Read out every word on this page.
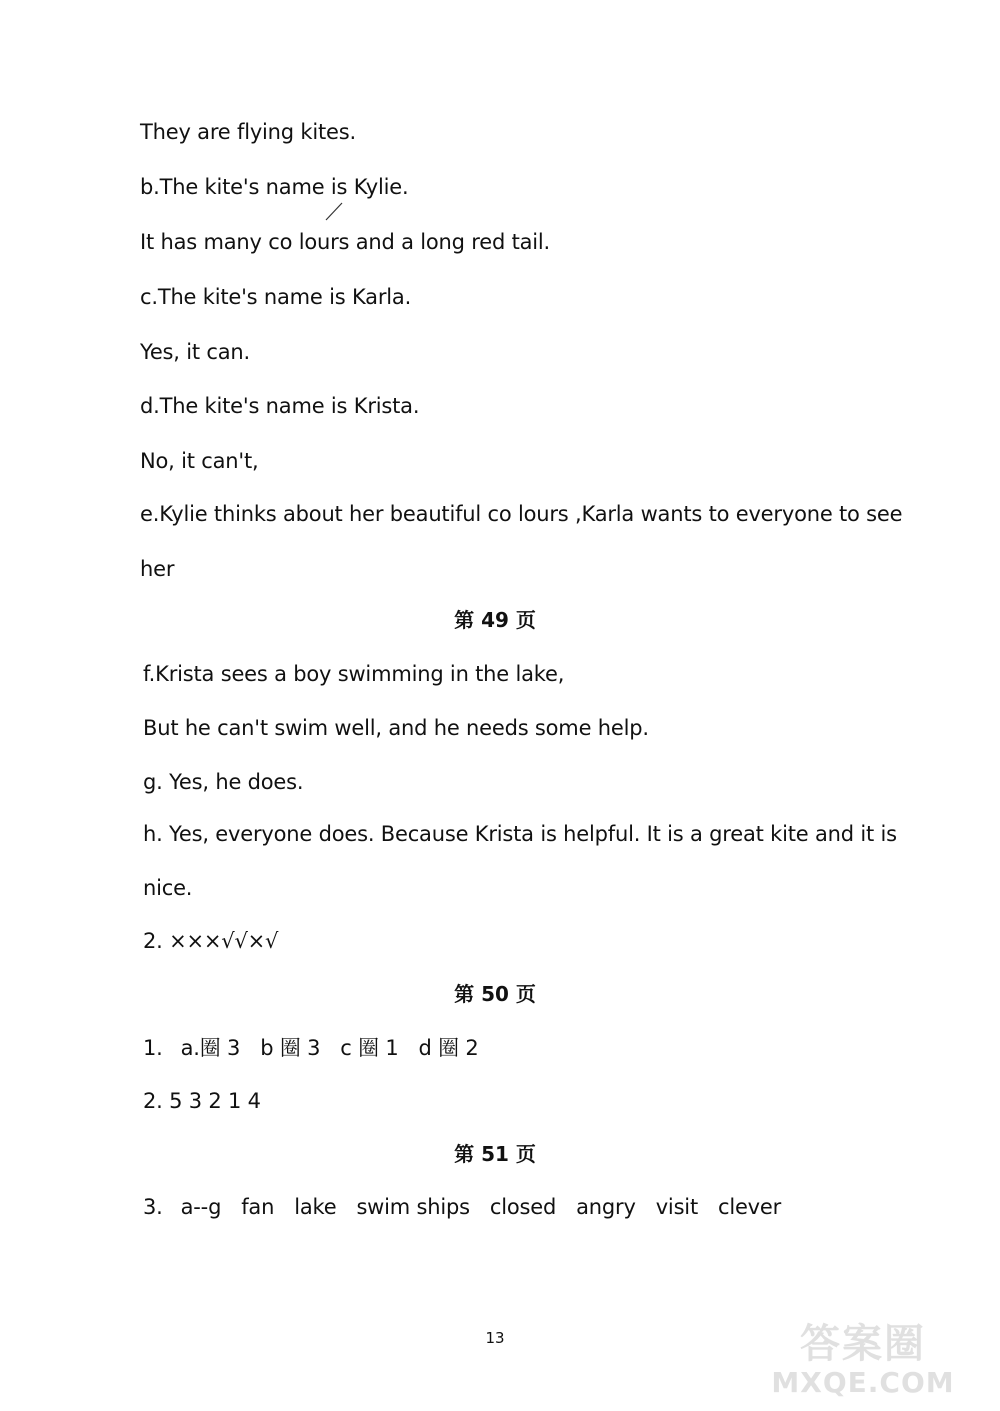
They are flying kites.
b.The kite's name is Kylie.
It has many co lours and a long red tail.
c.The kite's name is Karla.
Yes, it can.
d.The kite's name is Krista.
No, it can't,
e.Kylie thinks about her beautiful co lours ,Karla wants to everyone to see
her
第 49 页
f.Krista sees a boy swimming in the lake,
But he can't swim well, and he needs some help.
g. Yes, he does.
h. Yes, everyone does. Because Krista is helpful. It is a great kite and it is
nice.
2. ×××√√×√
第 50 页
1. a.圈 3 b 圈 3 c 圈 1 d 圈 2
2. 5 3 2 1 4
第 51 页
3. a--g fan lake swim ships closed angry visit clever
13	答案圈
MXQE.COM
